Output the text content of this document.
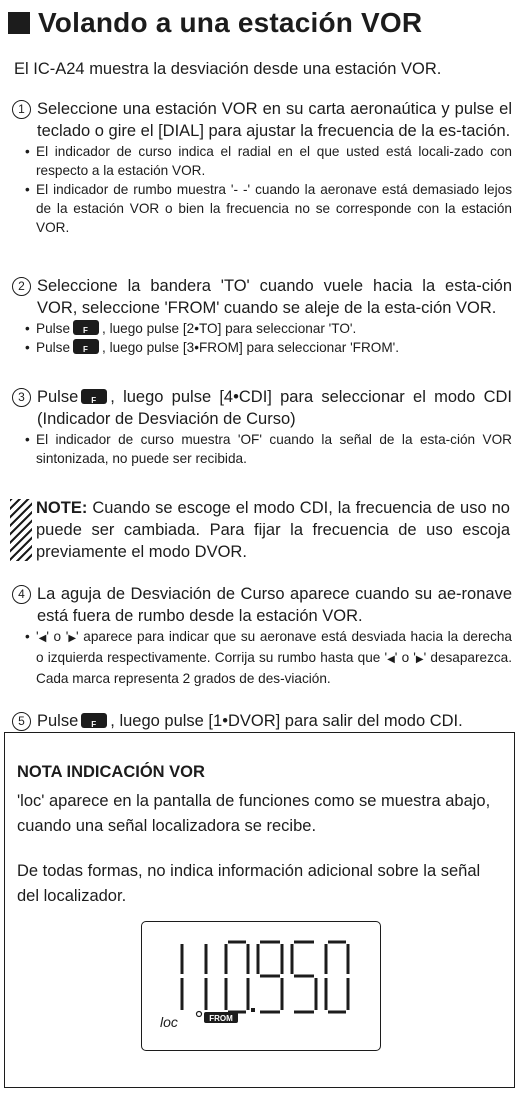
Volando a una estación VOR
El IC-A24 muestra la desviación desde una estación VOR.
1 Seleccione una estación VOR en su carta aeronaútica y pulse el teclado o gire el [DIAL] para ajustar la frecuencia de la es-tación.
• El indicador de curso indica el radial en el que usted está locali-zado con respecto a la estación VOR.
• El indicador de rumbo muestra '- -' cuando la aeronave está demasiado lejos de la estación VOR o bien la frecuencia no se corresponde con la estación VOR.
2 Seleccione la bandera 'TO' cuando vuele hacia la esta-ción VOR, seleccione 'FROM' cuando se aleje de la esta-ción VOR.
• Pulse F , luego pulse [2•TO] para seleccionar 'TO'.
• Pulse F , luego pulse [3•FROM] para seleccionar 'FROM'.
3 Pulse F , luego pulse [4•CDI] para seleccionar el modo CDI (Indicador de Desviación de Curso)
• El indicador de curso muestra 'OF' cuando la señal de la esta-ción VOR sintonizada, no puede ser recibida.
NOTE: Cuando se escoge el modo CDI, la frecuencia de uso no puede ser cambiada. Para fijar la frecuencia de uso escoja previamente el modo DVOR.
4 La aguja de Desviación de Curso aparece cuando su ae-ronave está fuera de rumbo desde la estación VOR.
• '◀' o '▶' aparece para indicar que su aeronave está desviada hacia la derecha o izquierda respectivamente. Corrija su rumbo hasta que '◀' o '▶' desaparezca. Cada marca representa 2 grados de des-viación.
5 Pulse F , luego pulse [1•DVOR] para salir del modo CDI.
NOTA INDICACIÓN VOR
'loc' aparece en la pantalla de funciones como se muestra abajo, cuando una señal localizadora se recibe.
De todas formas, no indica información adicional sobre la señal del localizador.
FROM
loc
110.950
